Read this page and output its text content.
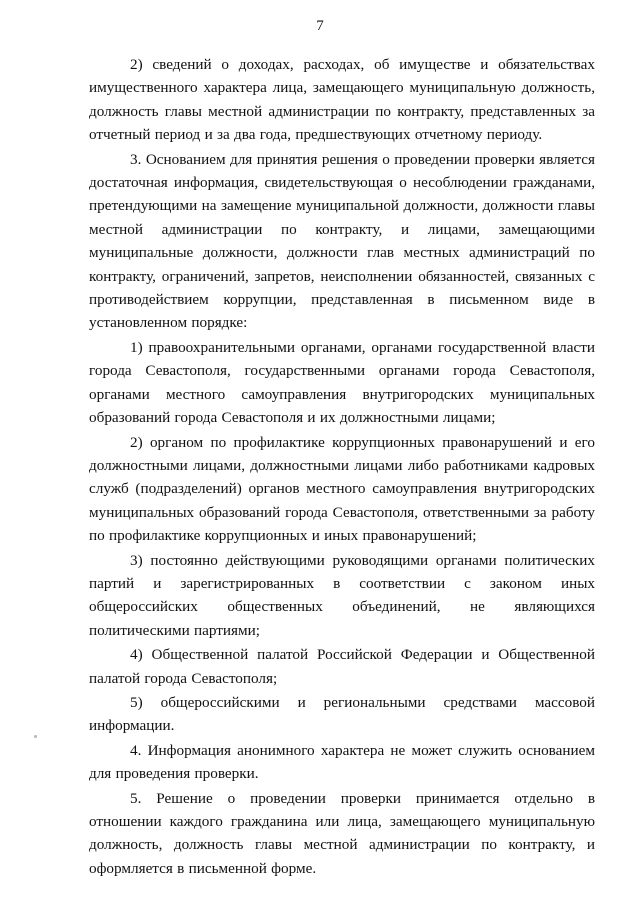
7

2) сведений о доходах, расходах, об имуществе и обязательствах имущественного характера лица, замещающего муниципальную должность, должность главы местной администрации по контракту, представленных за отчетный период и за два года, предшествующих отчетному периоду.

3. Основанием для принятия решения о проведении проверки является достаточная информация, свидетельствующая о несоблюдении гражданами, претендующими на замещение муниципальной должности, должности главы местной администрации по контракту, и лицами, замещающими муниципальные должности, должности глав местных администраций по контракту, ограничений, запретов, неисполнении обязанностей, связанных с противодействием коррупции, представленная в письменном виде в установленном порядке:

1) правоохранительными органами, органами государственной власти города Севастополя, государственными органами города Севастополя, органами местного самоуправления внутригородских муниципальных образований города Севастополя и их должностными лицами;

2) органом по профилактике коррупционных правонарушений и его должностными лицами, должностными лицами либо работниками кадровых служб (подразделений) органов местного самоуправления внутригородских муниципальных образований города Севастополя, ответственными за работу по профилактике коррупционных и иных правонарушений;

3) постоянно действующими руководящими органами политических партий и зарегистрированных в соответствии с законом иных общероссийских общественных объединений, не являющихся политическими партиями;

4) Общественной палатой Российской Федерации и Общественной палатой города Севастополя;

5) общероссийскими и региональными средствами массовой информации.

4. Информация анонимного характера не может служить основанием для проведения проверки.

5. Решение о проведении проверки принимается отдельно в отношении каждого гражданина или лица, замещающего муниципальную должность, должность главы местной администрации по контракту, и оформляется в письменной форме.
